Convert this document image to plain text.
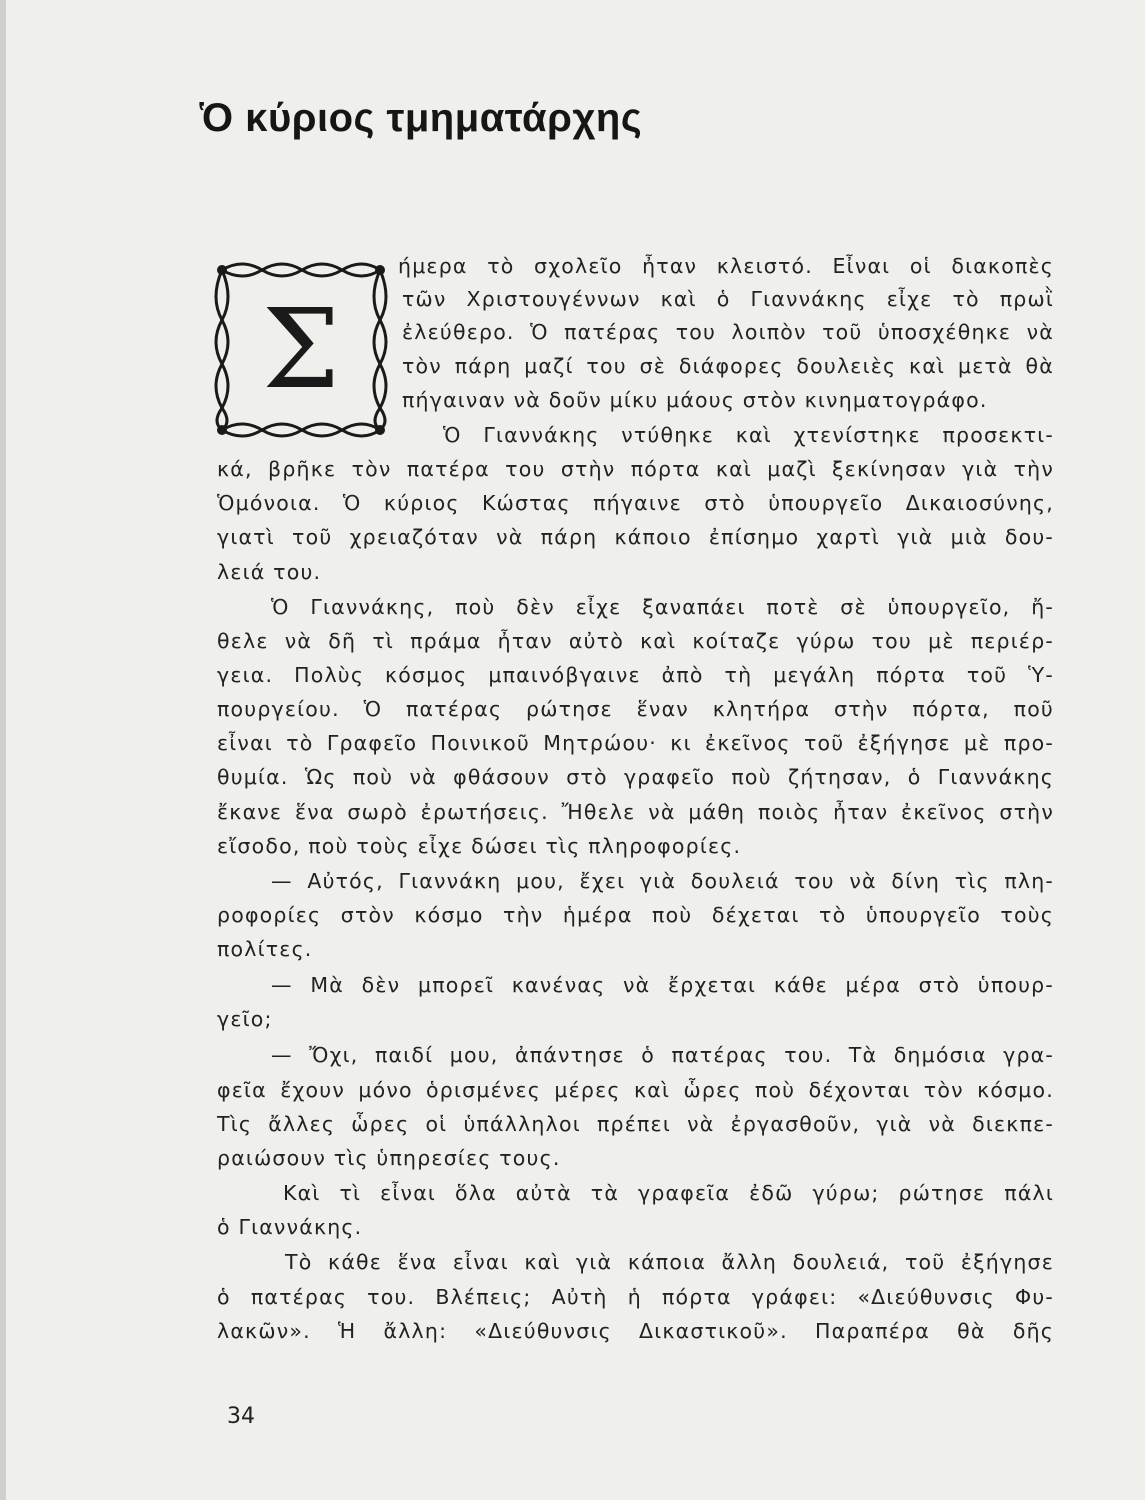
Ὁ κύριος τμηματάρχης
Σ
ήμερα τὸ σχολεῖο ἦταν κλειστό. Εἶναι οἱ διακοπὲς
τῶν Χριστουγέννων καὶ ὁ Γιαννάκης εἶχε τὸ πρωῒ
ἐλεύθερο. Ὁ πατέρας του λοιπὸν τοῦ ὑποσχέθηκε νὰ
τὸν πάρη μαζί του σὲ διάφορες δουλειὲς καὶ μετὰ θὰ
πήγαιναν νὰ δοῦν μίκυ μάους στὸν κινηματογράφο.
Ὁ Γιαννάκης ντύθηκε καὶ χτενίστηκε προσεκτι-
κά, βρῆκε τὸν πατέρα του στὴν πόρτα καὶ μαζὶ ξεκίνησαν γιὰ τὴν
Ὁμόνοια. Ὁ κύριος Κώστας πήγαινε στὸ ὑπουργεῖο Δικαιοσύνης,
γιατὶ τοῦ χρειαζόταν νὰ πάρη κάποιο ἐπίσημο χαρτὶ γιὰ μιὰ δου-
λειά του.
Ὁ Γιαννάκης, ποὺ δὲν εἶχε ξαναπάει ποτὲ σὲ ὑπουργεῖο, ἤ-
θελε νὰ δῆ τὶ πράμα ἦταν αὐτὸ καὶ κοίταζε γύρω του μὲ περιέρ-
γεια. Πολὺς κόσμος μπαινόβγαινε ἀπὸ τὴ μεγάλη πόρτα τοῦ Ὑ-
πουργείου. Ὁ πατέρας ρώτησε ἕναν κλητήρα στὴν πόρτα, ποῦ
εἶναι τὸ Γραφεῖο Ποινικοῦ Μητρώου· κι ἐκεῖνος τοῦ ἐξήγησε μὲ προ-
θυμία. Ὡς ποὺ νὰ φθάσουν στὸ γραφεῖο ποὺ ζήτησαν, ὁ Γιαννάκης
ἔκανε ἕνα σωρὸ ἐρωτήσεις. Ἤθελε νὰ μάθη ποιὸς ἦταν ἐκεῖνος στὴν
εἴσοδο, ποὺ τοὺς εἶχε δώσει τὶς πληροφορίες.
— Αὐτός, Γιαννάκη μου, ἔχει γιὰ δουλειά του νὰ δίνη τὶς πλη-
ροφορίες στὸν κόσμο τὴν ἡμέρα ποὺ δέχεται τὸ ὑπουργεῖο τοὺς
πολίτες.
— Μὰ δὲν μπορεῖ κανένας νὰ ἔρχεται κάθε μέρα στὸ ὑπουρ-
γεῖο;
— Ὄχι, παιδί μου, ἀπάντησε ὁ πατέρας του. Τὰ δημόσια γρα-
φεῖα ἔχουν μόνο ὁρισμένες μέρες καὶ ὧρες ποὺ δέχονται τὸν κόσμο.
Τὶς ἄλλες ὧρες οἱ ὑπάλληλοι πρέπει νὰ ἐργασθοῦν, γιὰ νὰ διεκπε-
ραιώσουν τὶς ὑπηρεσίες τους.
Καὶ τὶ εἶναι ὅλα αὐτὰ τὰ γραφεῖα ἐδῶ γύρω; ρώτησε πάλι
ὁ Γιαννάκης.
Τὸ κάθε ἕνα εἶναι καὶ γιὰ κάποια ἄλλη δουλειά, τοῦ ἐξήγησε
ὁ πατέρας του. Βλέπεις; Αὐτὴ ἡ πόρτα γράφει: «Διεύθυνσις Φυ-
λακῶν». Ἡ ἄλλη: «Διεύθυνσις Δικαστικοῦ». Παραπέρα θὰ δῆς
34
